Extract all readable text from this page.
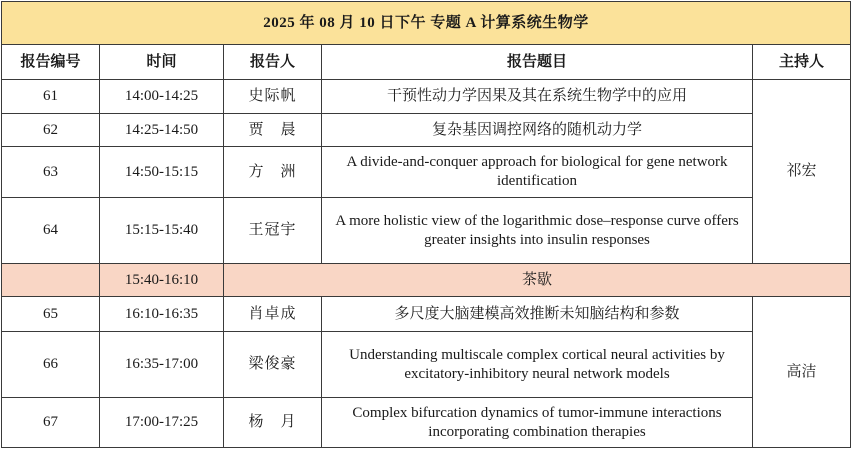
2025 年 08 月 10 日下午 专题 A 计算系统生物学				
报告编号	时间	报告人	报告题目	主持人
61	14:00-14:25	史际帆	干预性动力学因果及其在系统生物学中的应用	祁宏
62	14:25-14:50	贾　晨	复杂基因调控网络的随机动力学	
63	14:50-15:15	方　洲	A divide-and-conquer approach for biological for gene network identification	
64	15:15-15:40	王冠宇	A more holistic view of the logarithmic dose–response curve offers greater insights into insulin responses	
	15:40-16:10	茶歇		
65	16:10-16:35	肖卓成	多尺度大脑建模高效推断未知脑结构和参数	高洁
66	16:35-17:00	梁俊豪	Understanding multiscale complex cortical neural activities by excitatory-inhibitory neural network models	
67	17:00-17:25	杨　月	Complex bifurcation dynamics of tumor-immune interactions incorporating combination therapies	
